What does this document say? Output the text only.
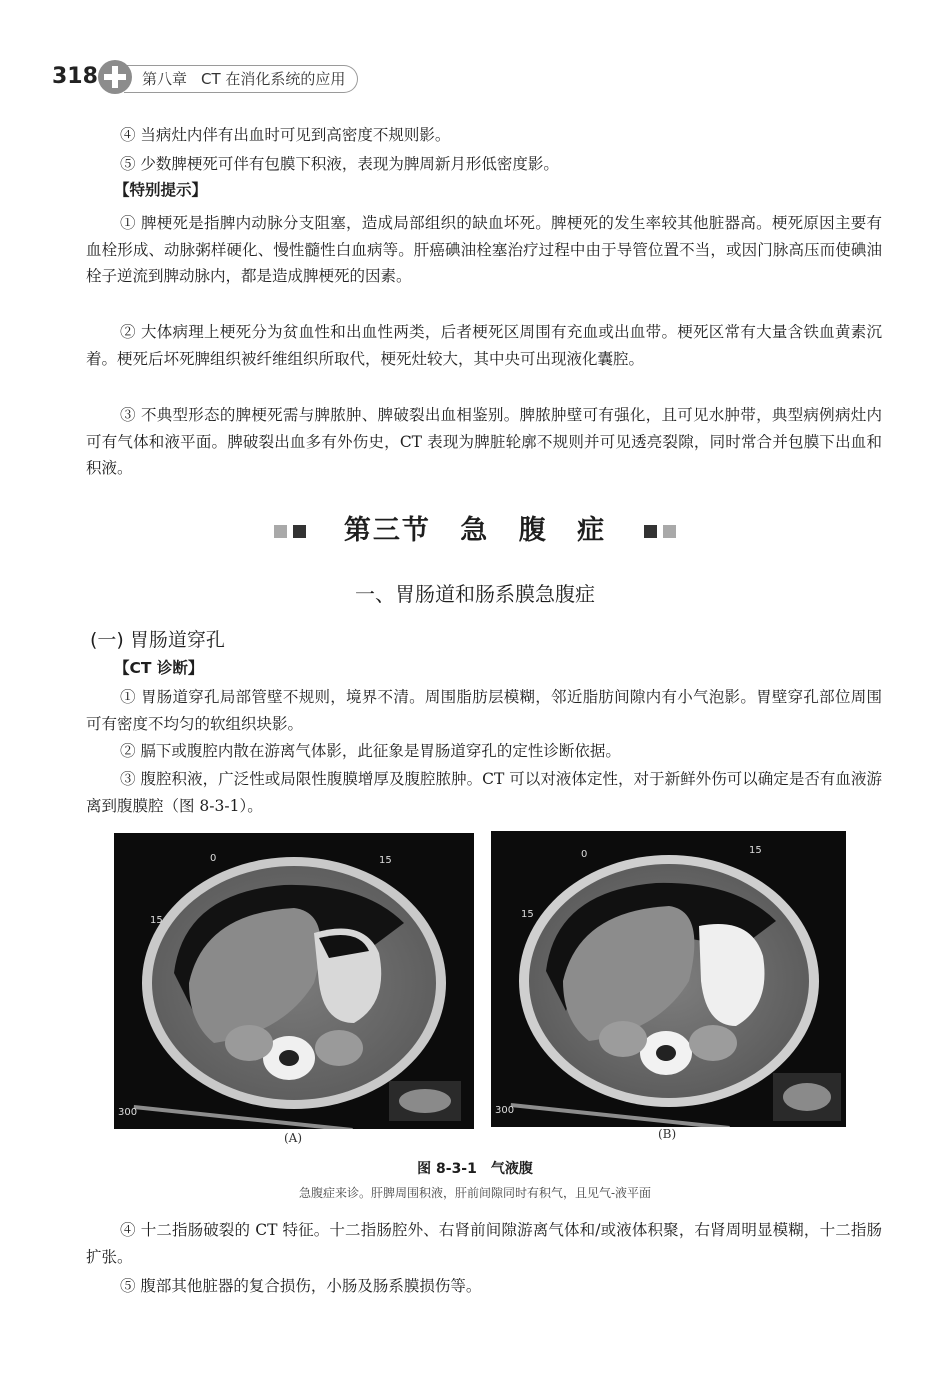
318	第八章 CT 在消化系统的应用
④ 当病灶内伴有出血时可见到高密度不规则影。
⑤ 少数脾梗死可伴有包膜下积液，表现为脾周新月形低密度影。
【特别提示】
① 脾梗死是指脾内动脉分支阻塞，造成局部组织的缺血坏死。脾梗死的发生率较其他脏器高。梗死原因主要有血栓形成、动脉粥样硬化、慢性髓性白血病等。肝癌碘油栓塞治疗过程中由于导管位置不当，或因门脉高压而使碘油栓子逆流到脾动脉内，都是造成脾梗死的因素。
② 大体病理上梗死分为贫血性和出血性两类，后者梗死区周围有充血或出血带。梗死区常有大量含铁血黄素沉着。梗死后坏死脾组织被纤维组织所取代，梗死灶较大，其中央可出现液化囊腔。
③ 不典型形态的脾梗死需与脾脓肿、脾破裂出血相鉴别。脾脓肿壁可有强化，且可见水肿带，典型病例病灶内可有气体和液平面。脾破裂出血多有外伤史，CT 表现为脾脏轮廓不规则并可见透亮裂隙，同时常合并包膜下出血和积液。
第三节 急 腹 症
一、胃肠道和肠系膜急腹症
(一) 胃肠道穿孔
【CT 诊断】
① 胃肠道穿孔局部管壁不规则，境界不清。周围脂肪层模糊，邻近脂肪间隙内有小气泡影。胃壁穿孔部位周围可有密度不均匀的软组织块影。
② 膈下或腹腔内散在游离气体影，此征象是胃肠道穿孔的定性诊断依据。
③ 腹腔积液，广泛性或局限性腹膜增厚及腹腔脓肿。CT 可以对液体定性，对于新鲜外伤可以确定是否有血液游离到腹膜腔（图 8-3-1）。
0	15
15
300
(A)
0	15
15
300
(B)
图 8-3-1 气液腹
急腹症来诊。肝脾周围积液，肝前间隙同时有积气，且见气-液平面
④ 十二指肠破裂的 CT 特征。十二指肠腔外、右肾前间隙游离气体和/或液体积聚，右肾周明显模糊，十二指肠扩张。
⑤ 腹部其他脏器的复合损伤，小肠及肠系膜损伤等。
